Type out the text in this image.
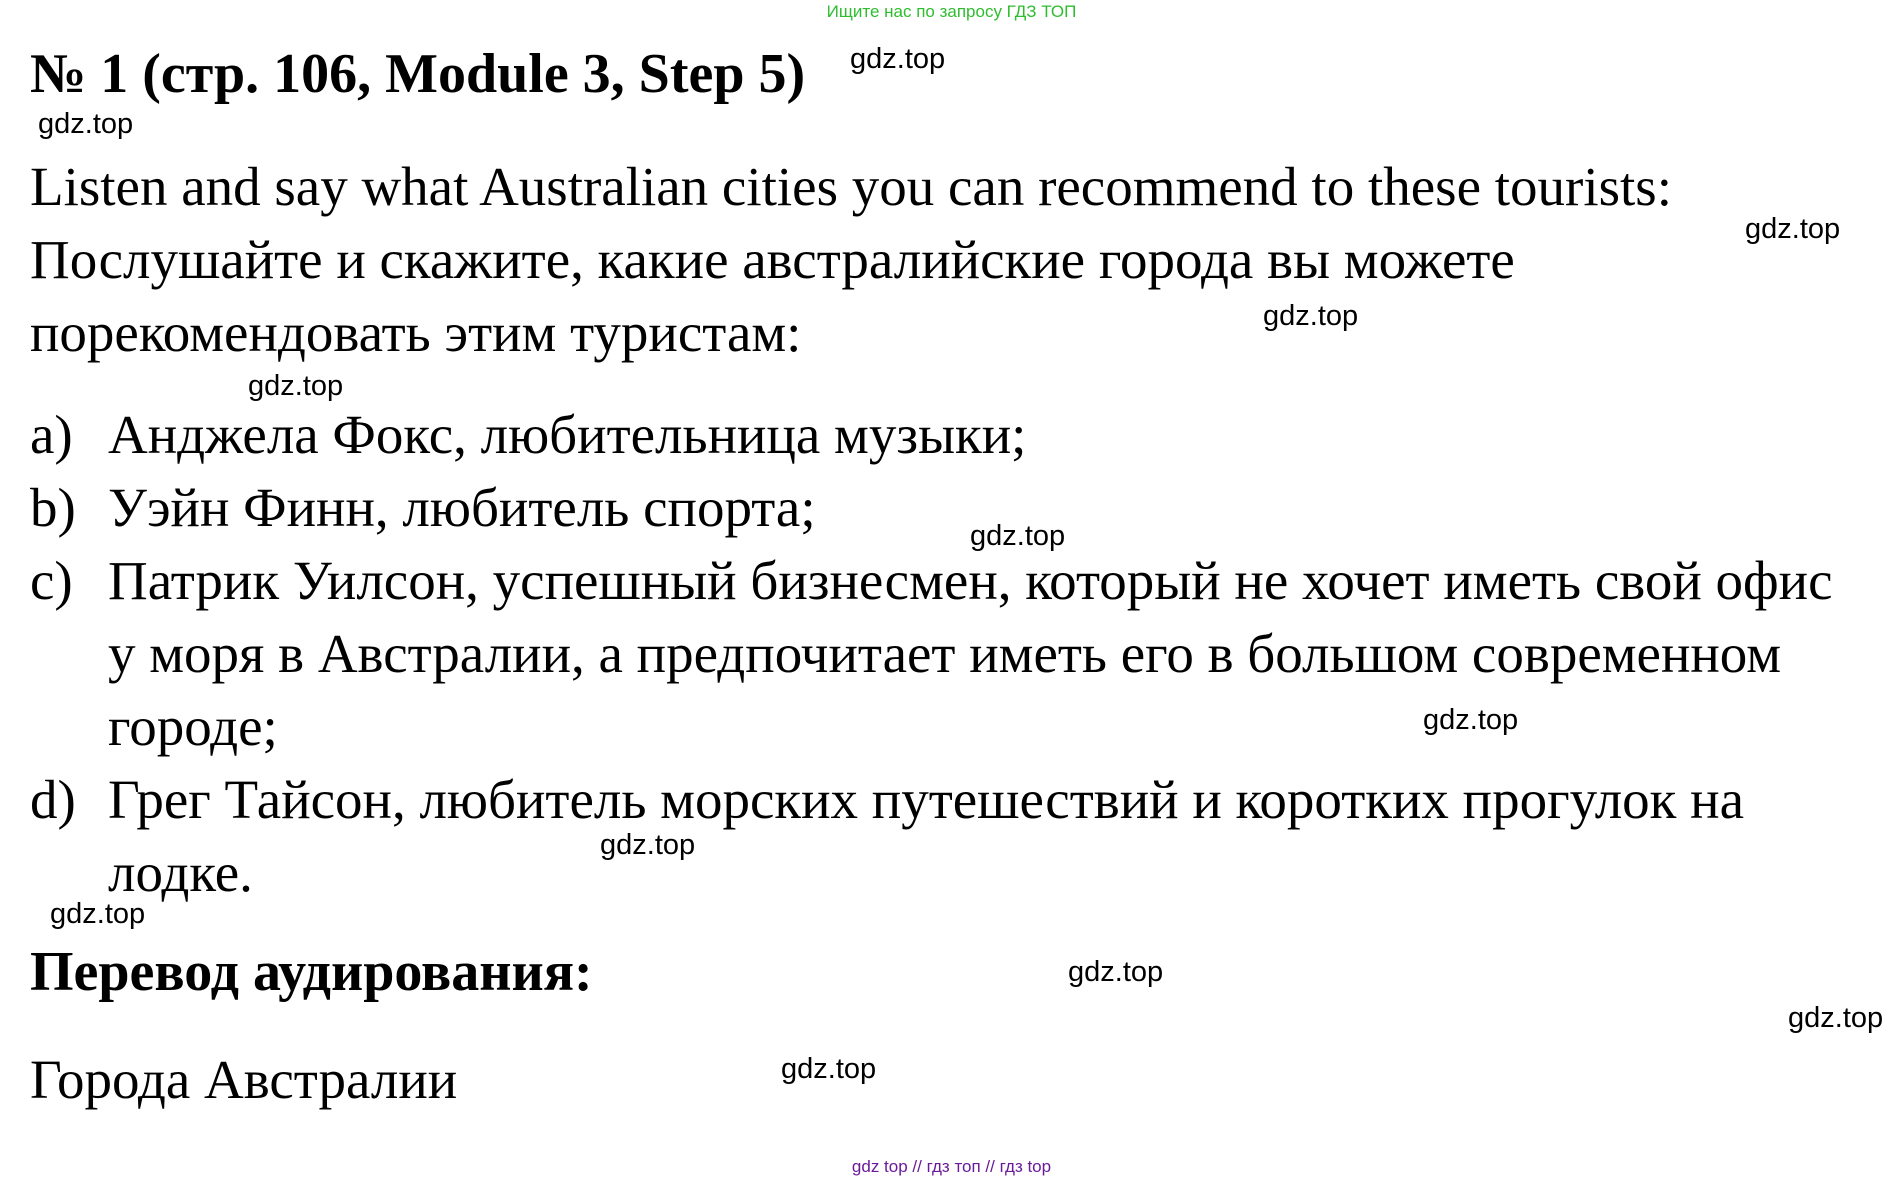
Ищите нас по запросу ГДЗ ТОП
№ 1 (стр. 106, Module 3, Step 5)
Listen and say what Australian cities you can recommend to these tourists:
Послушайте и скажите, какие австралийские города вы можете
порекомендовать этим туристам:
a) Анджела Фокс, любительница музыки;
b) Уэйн Финн, любитель спорта;
c) Патрик Уилсон, успешный бизнесмен, который не хочет иметь свой офис у моря в Австралии, а предпочитает иметь его в большом современном городе;
d) Грег Тайсон, любитель морских путешествий и коротких прогулок на лодке.
Перевод аудирования:
Города Австралии
gdz.top
gdz.top
gdz.top
gdz.top
gdz.top
gdz.top
gdz.top
gdz.top
gdz.top
gdz.top
gdz.top
gdz.top
gdz top // гдз топ // гдз top
